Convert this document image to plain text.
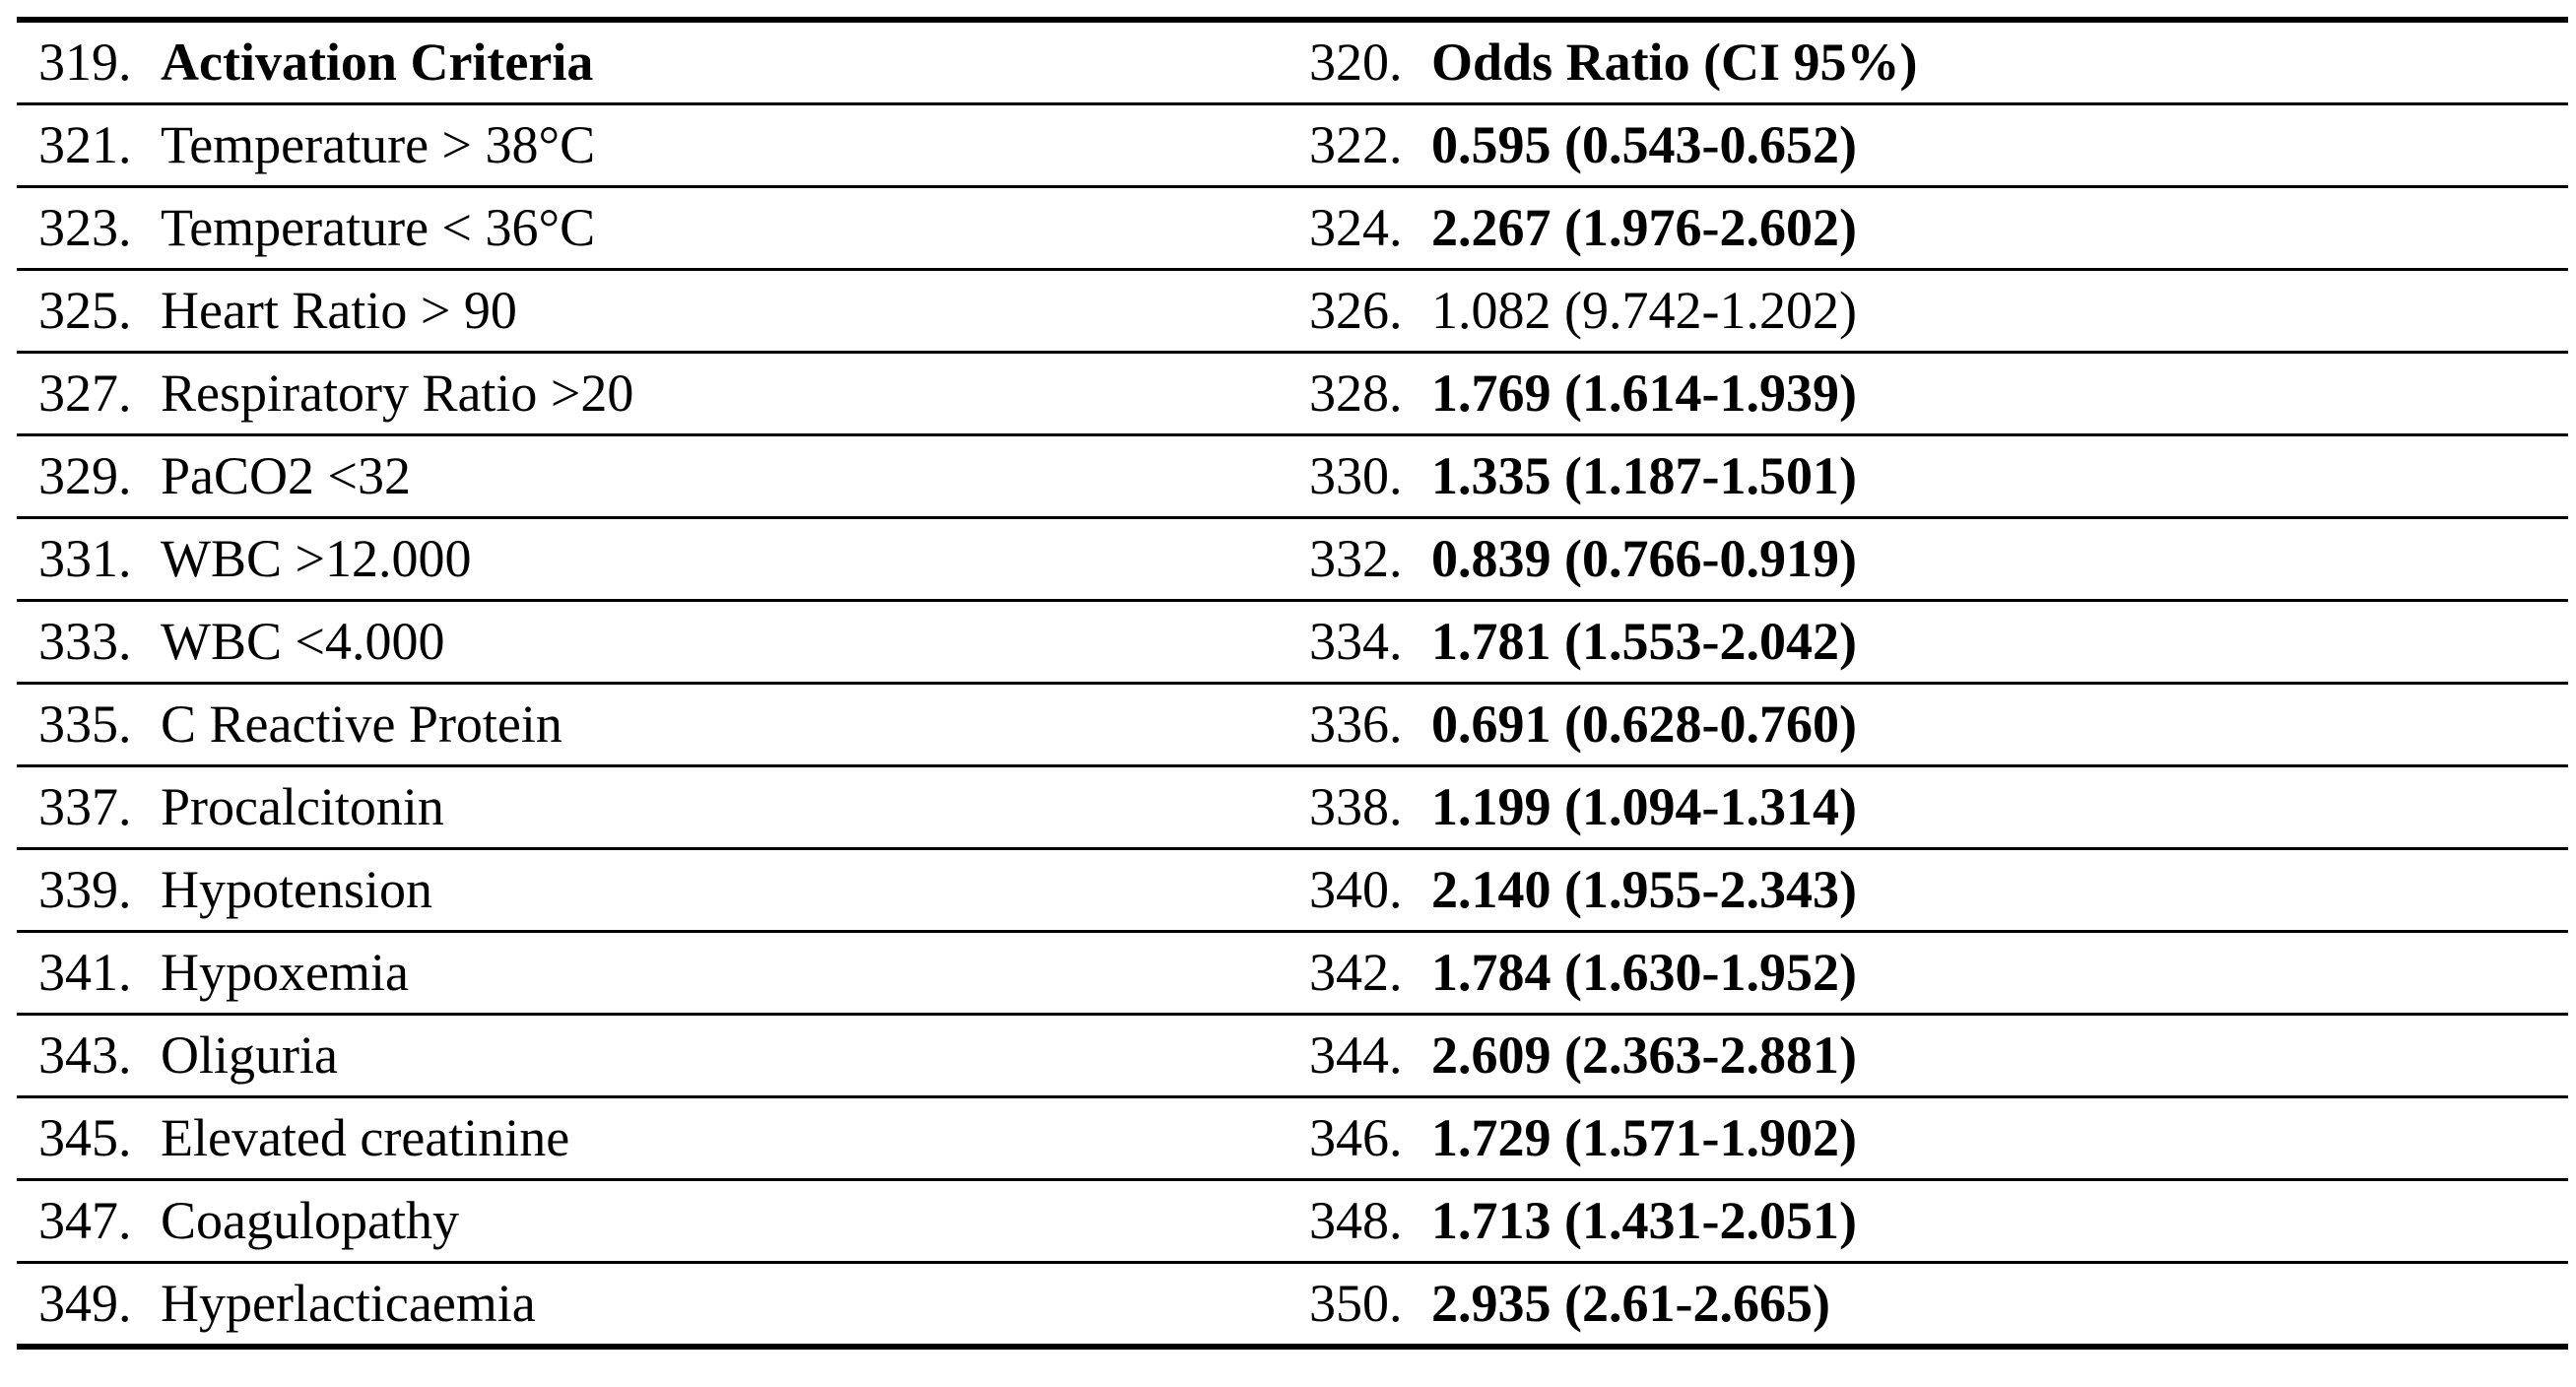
319. Activation Criteria	320. Odds Ratio (CI 95%)
321. Temperature > 38°C	322. 0.595 (0.543-0.652)
323. Temperature < 36°C	324. 2.267 (1.976-2.602)
325. Heart Ratio > 90	326. 1.082 (9.742-1.202)
327. Respiratory Ratio >20	328. 1.769 (1.614-1.939)
329. PaCO2 <32	330. 1.335 (1.187-1.501)
331. WBC >12.000	332. 0.839 (0.766-0.919)
333. WBC <4.000	334. 1.781 (1.553-2.042)
335. C Reactive Protein	336. 0.691 (0.628-0.760)
337. Procalcitonin	338. 1.199 (1.094-1.314)
339. Hypotension	340. 2.140 (1.955-2.343)
341. Hypoxemia	342. 1.784 (1.630-1.952)
343. Oliguria	344. 2.609 (2.363-2.881)
345. Elevated creatinine	346. 1.729 (1.571-1.902)
347. Coagulopathy	348. 1.713 (1.431-2.051)
349. Hyperlacticaemia	350. 2.935 (2.61-2.665)
